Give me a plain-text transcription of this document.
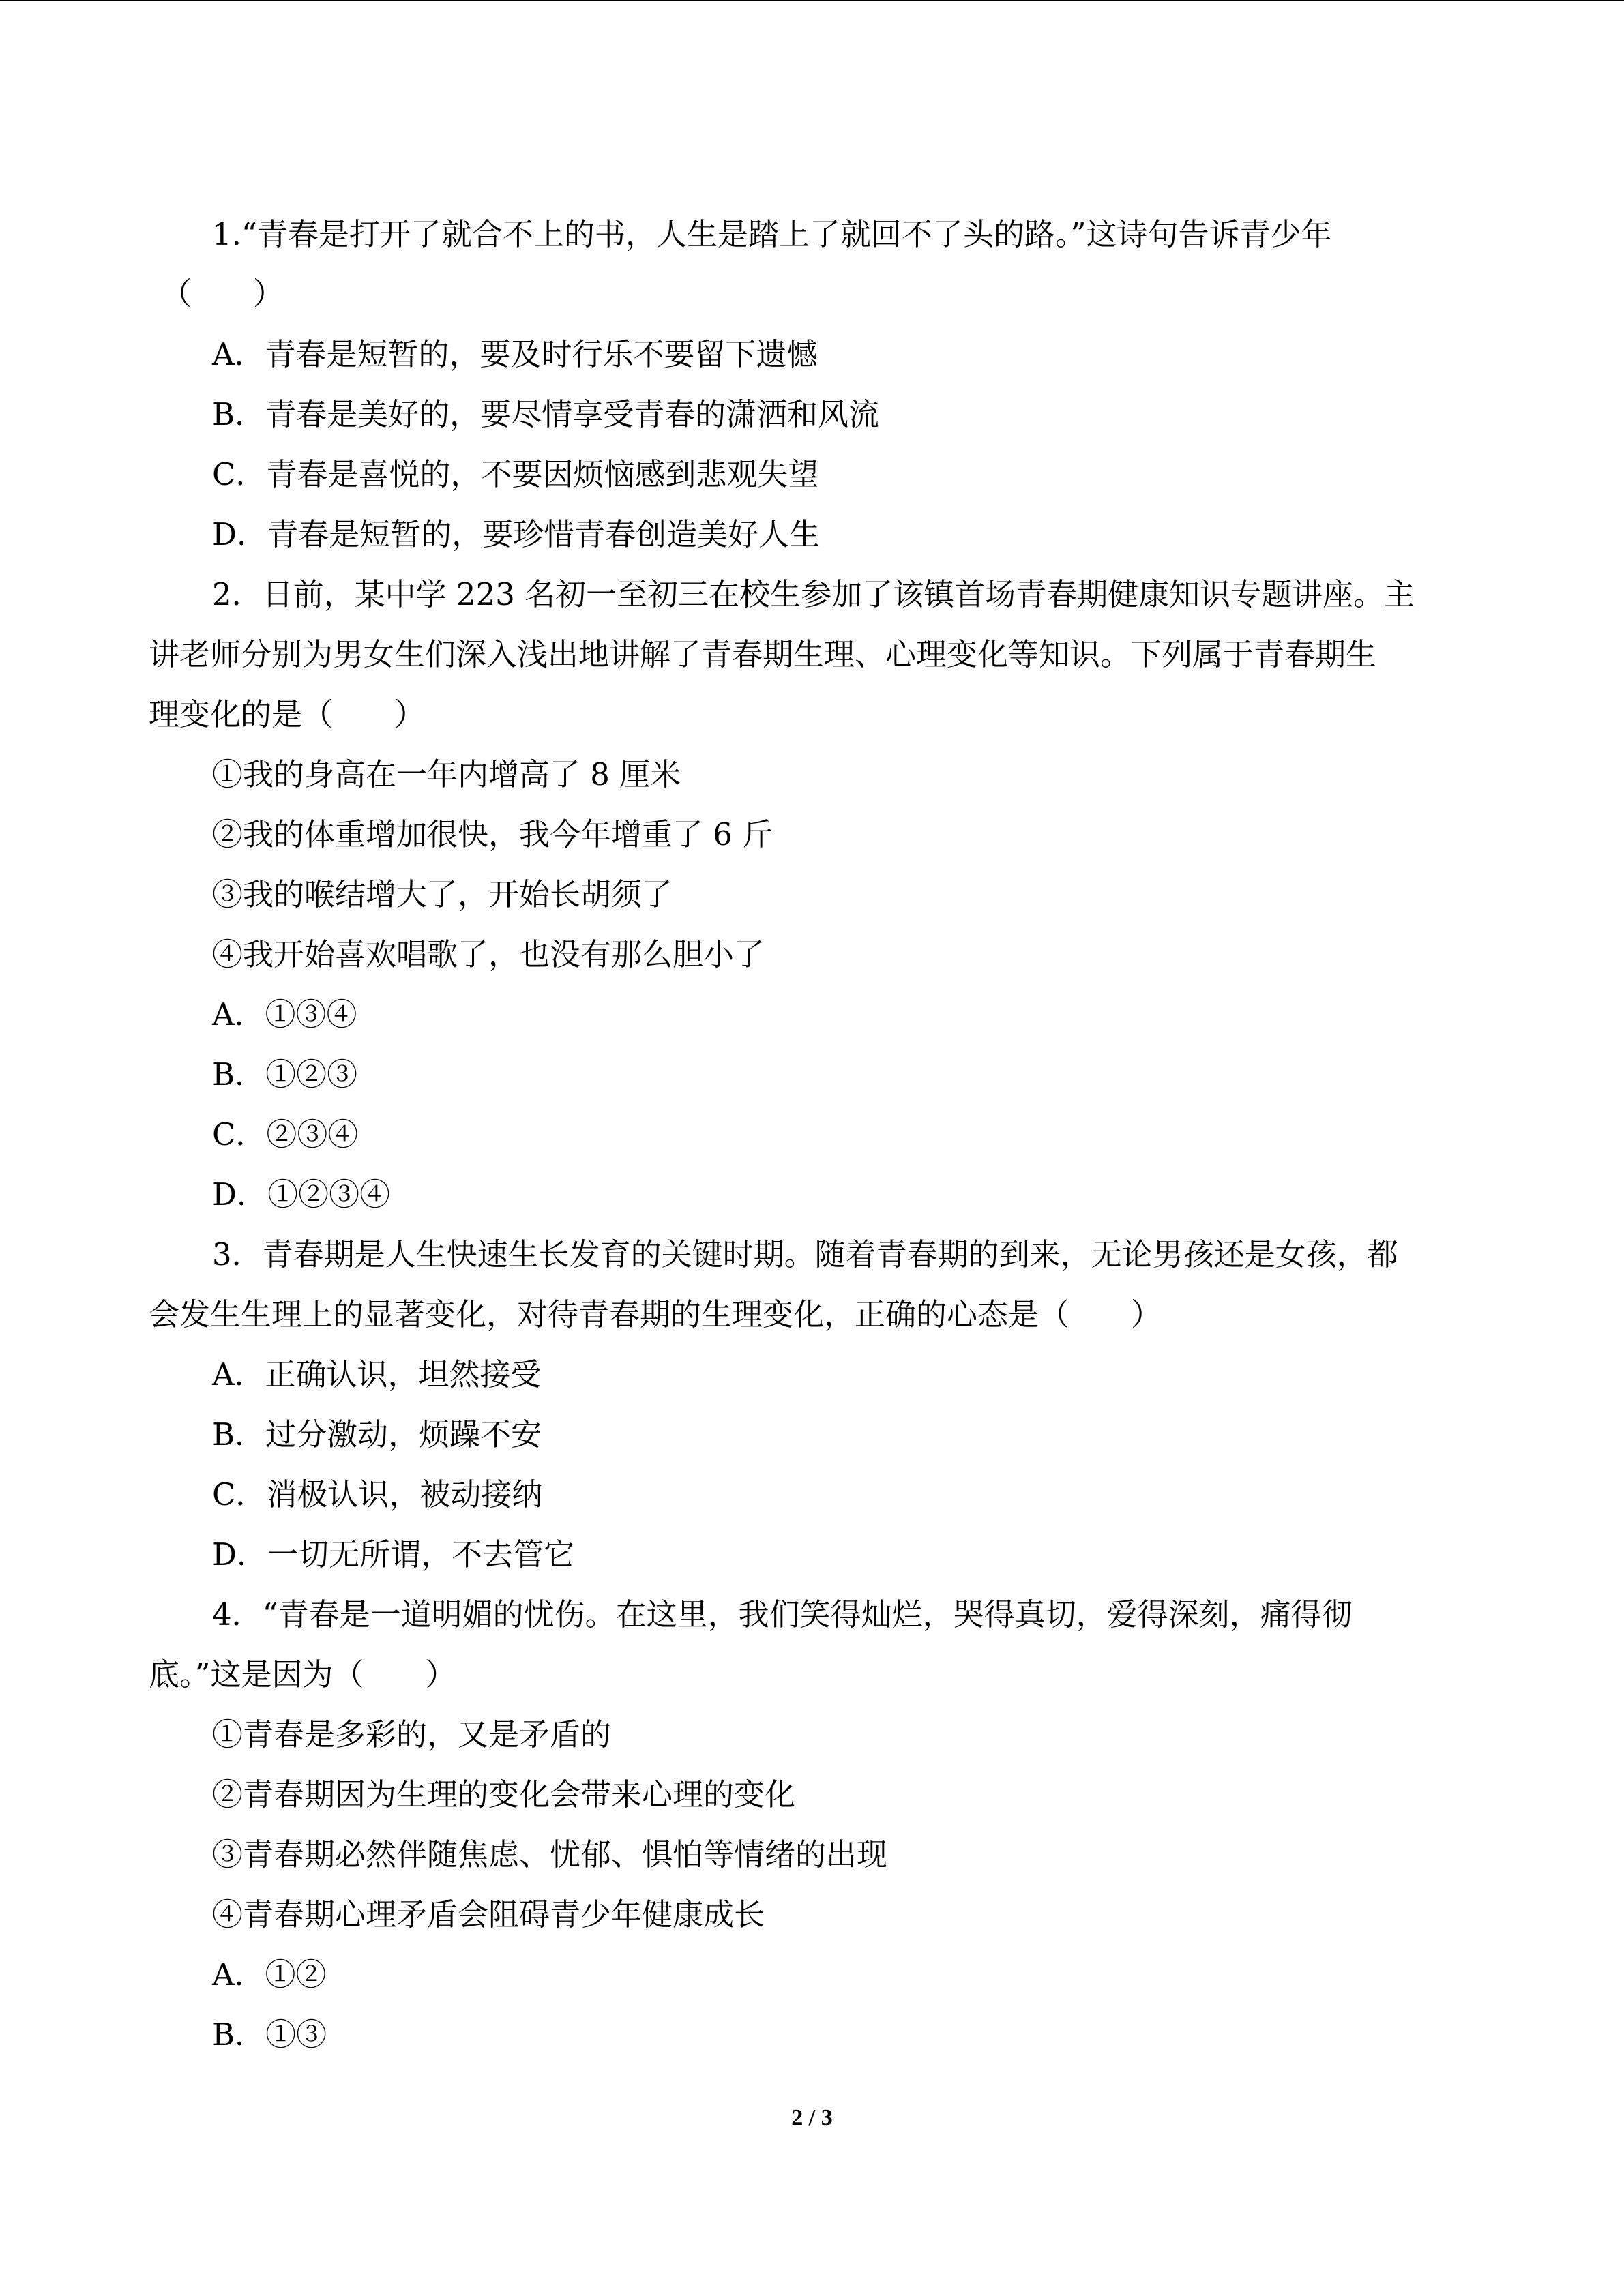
1.“青春是打开了就合不上的书，人生是踏上了就回不了头的路。”这诗句告诉青少年
（　　）
A．青春是短暂的，要及时行乐不要留下遗憾
B．青春是美好的，要尽情享受青春的潇洒和风流
C．青春是喜悦的，不要因烦恼感到悲观失望
D．青春是短暂的，要珍惜青春创造美好人生
2．日前，某中学 223 名初一至初三在校生参加了该镇首场青春期健康知识专题讲座。主
讲老师分别为男女生们深入浅出地讲解了青春期生理、心理变化等知识。下列属于青春期生
理变化的是（　　）
①我的身高在一年内增高了 8 厘米
②我的体重增加很快，我今年增重了 6 斤
③我的喉结增大了，开始长胡须了
④我开始喜欢唱歌了，也没有那么胆小了
A．①③④
B．①②③
C．②③④
D．①②③④
3．青春期是人生快速生长发育的关键时期。随着青春期的到来，无论男孩还是女孩，都
会发生生理上的显著变化，对待青春期的生理变化，正确的心态是（　　）
A．正确认识，坦然接受
B．过分激动，烦躁不安
C．消极认识，被动接纳
D．一切无所谓，不去管它
4．“青春是一道明媚的忧伤。在这里，我们笑得灿烂，哭得真切，爱得深刻，痛得彻
底。”这是因为（　　）
①青春是多彩的，又是矛盾的
②青春期因为生理的变化会带来心理的变化
③青春期必然伴随焦虑、忧郁、惧怕等情绪的出现
④青春期心理矛盾会阻碍青少年健康成长
A．①②
B．①③
2 / 3
